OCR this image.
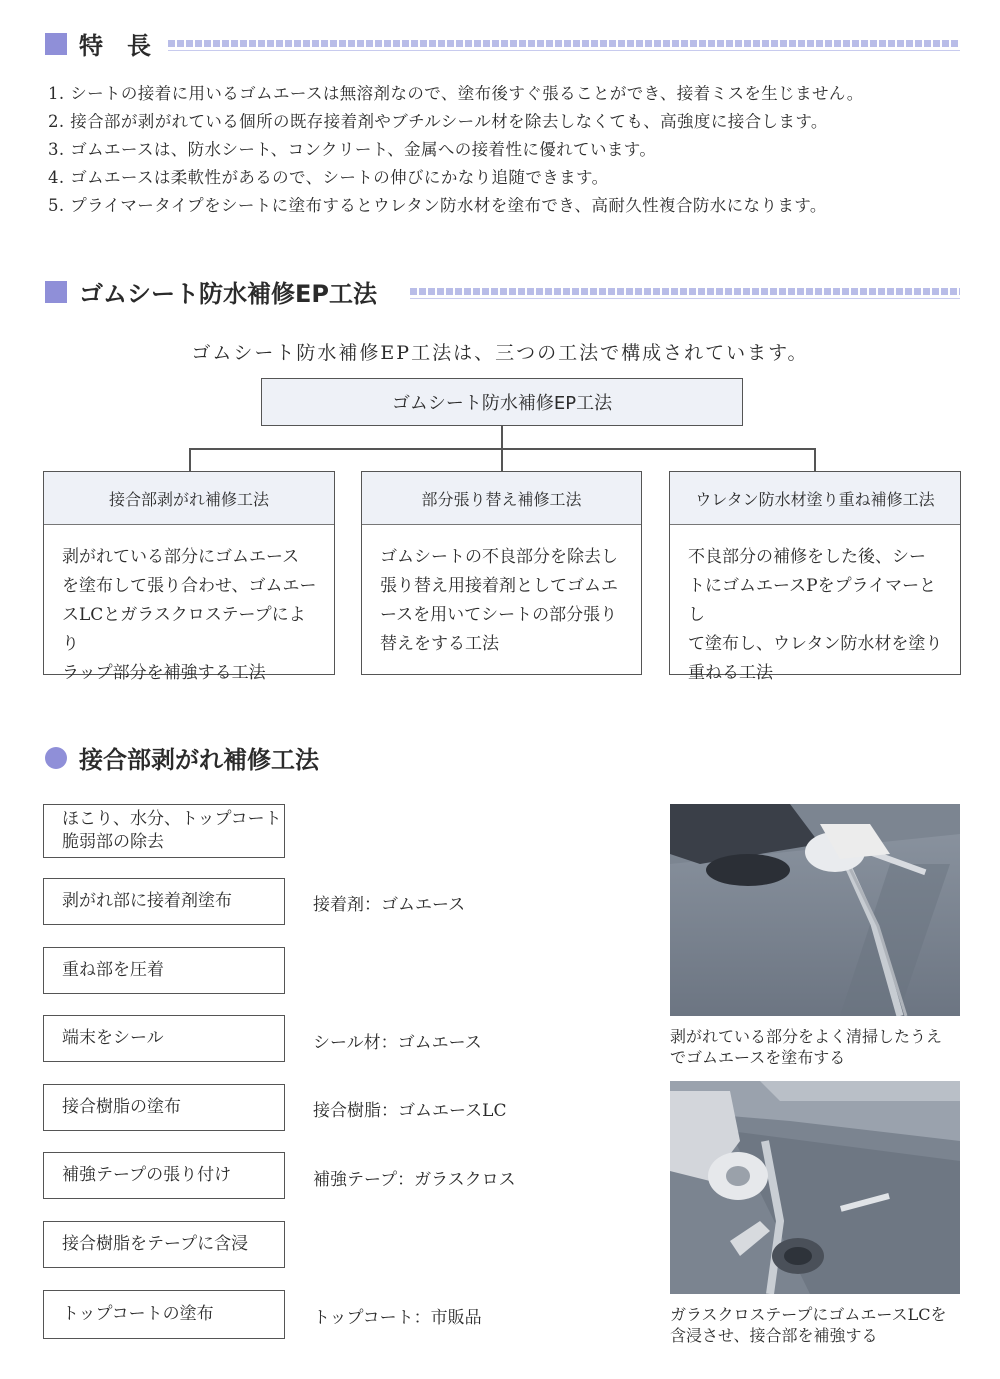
特　長
1. シートの接着に用いるゴムエースは無溶剤なので、塗布後すぐ張ることができ、接着ミスを生じません。
2. 接合部が剥がれている個所の既存接着剤やブチルシール材を除去しなくても、高強度に接合します。
3. ゴムエースは、防水シート、コンクリート、金属への接着性に優れています。
4. ゴムエースは柔軟性があるので、シートの伸びにかなり追随できます。
5. プライマータイプをシートに塗布するとウレタン防水材を塗布でき、高耐久性複合防水になります。
ゴムシート防水補修EP工法
ゴムシート防水補修EP工法は、三つの工法で構成されています。
ゴムシート防水補修EP工法
接合部剥がれ補修工法
剥がれている部分にゴムエース
を塗布して張り合わせ、ゴムエー
スLCとガラスクロステープにより
ラップ部分を補強する工法
部分張り替え補修工法
ゴムシートの不良部分を除去し
張り替え用接着剤としてゴムエ
ースを用いてシートの部分張り
替えをする工法
ウレタン防水材塗り重ね補修工法
不良部分の補修をした後、シー
トにゴムエースPをプライマーとし
て塗布し、ウレタン防水材を塗り
重ねる工法
接合部剥がれ補修工法
ほこり、水分、トップコート
脆弱部の除去
剥がれ部に接着剤塗布	接着剤：ゴムエース
重ね部を圧着
端末をシール	シール材：ゴムエース
接合樹脂の塗布	接合樹脂：ゴムエースLC
補強テープの張り付け	補強テープ：ガラスクロス
接合樹脂をテープに含浸
トップコートの塗布	トップコート：市販品
剥がれている部分をよく清掃したうえ
でゴムエースを塗布する
ガラスクロステープにゴムエースLCを
含浸させ、接合部を補強する
